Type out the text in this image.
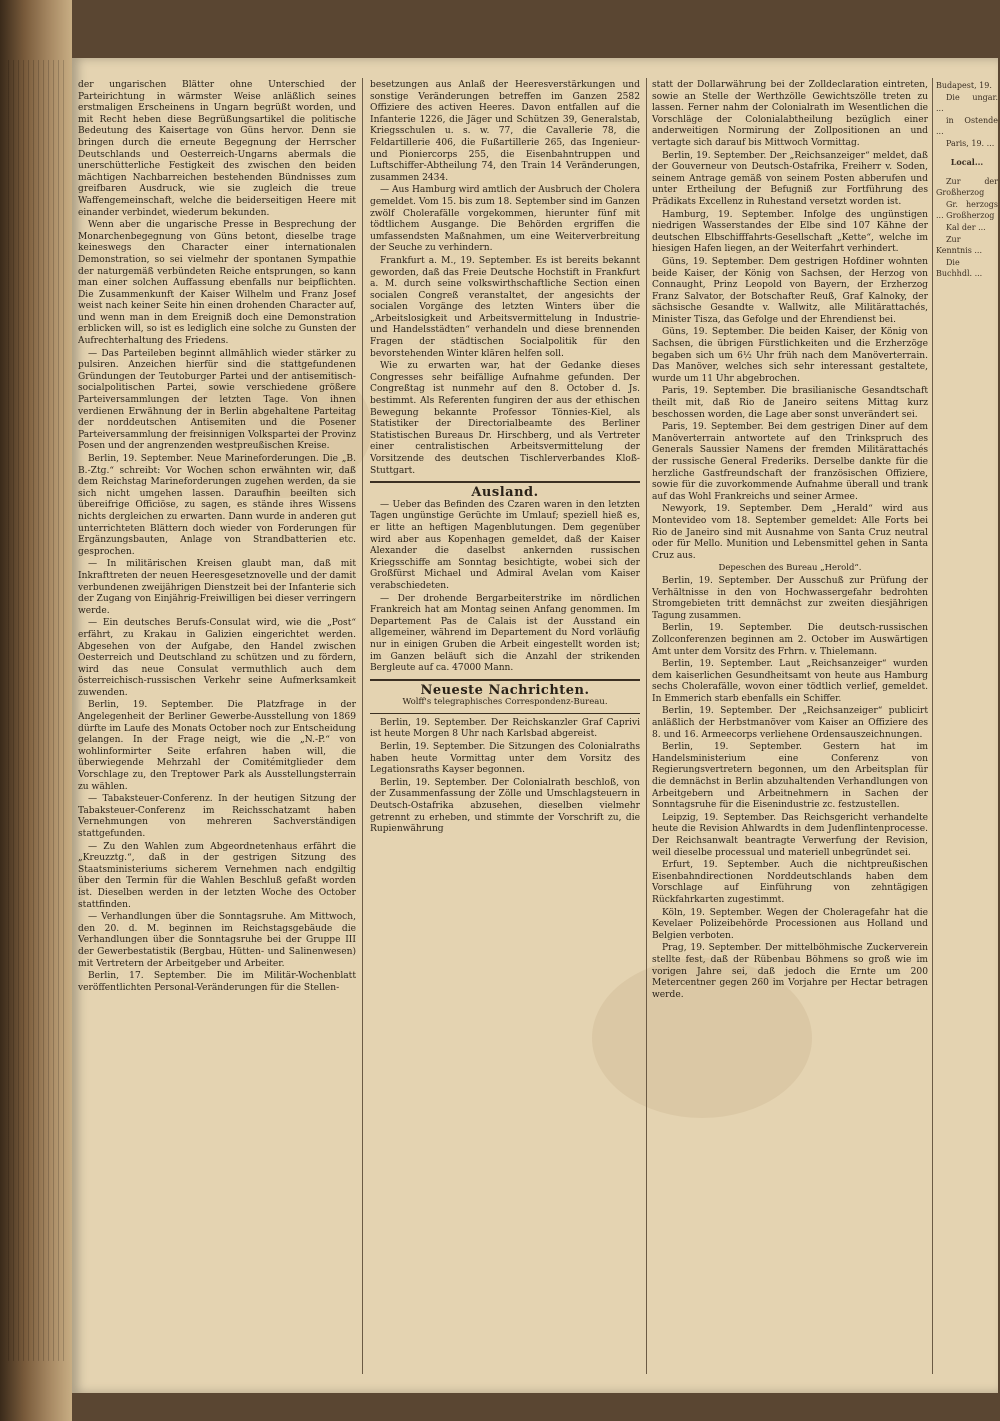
der ungarischen Blätter ohne Unterschied der Parteirichtung in wärmster Weise anläßlich seines erstmaligen Erscheinens in Ungarn begrüßt worden, und mit Recht heben diese Begrüßungsartikel die politische Bedeutung des Kaisertage von Güns hervor. Denn sie bringen durch die erneute Begegnung der Herrscher Deutschlands und Oesterreich-Ungarns abermals die unerschütterliche Festigkeit des zwischen den beiden mächtigen Nachbarreichen bestehenden Bündnisses zum greifbaren Ausdruck, wie sie zugleich die treue Waffengemeinschaft, welche die beiderseitigen Heere mit einander verbindet, wiederum bekunden.

Wenn aber die ungarische Presse in Besprechung der Monarchenbegegnung von Güns betont, dieselbe trage keineswegs den Character einer internationalen Demonstration, so sei vielmehr der spontanen Sympathie der naturgemäß verbündeten Reiche entsprungen, so kann man einer solchen Auffassung ebenfalls nur beipflichten. Die Zusammenkunft der Kaiser Wilhelm und Franz Josef weist nach keiner Seite hin einen drohenden Character auf, und wenn man in dem Ereigniß doch eine Demonstration erblicken will, so ist es lediglich eine solche zu Gunsten der Aufrechterhaltung des Friedens.

— Das Parteileben beginnt allmählich wieder stärker zu pulsiren. Anzeichen hierfür sind die stattgefundenen Gründungen der Teutoburger Partei und der antisemitisch-socialpolitischen Partei, sowie verschiedene größere Parteiversammlungen der letzten Tage. Von ihnen verdienen Erwähnung der in Berlin abgehaltene Parteitag der norddeutschen Antisemiten und die Posener Parteiversammlung der freisinnigen Volkspartei der Provinz Posen und der angrenzenden westpreußischen Kreise.

Berlin, 19. September. Neue Marineforderungen. Die „B. B.-Ztg.“ schreibt: Vor Wochen schon erwähnten wir, daß dem Reichstag Marineforderungen zugehen werden, da sie sich nicht umgehen lassen. Daraufhin beeilten sich übereifrige Officiöse, zu sagen, es stände ihres Wissens nichts dergleichen zu erwarten. Dann wurde in anderen gut unterrichteten Blättern doch wieder von Forderungen für Ergänzungsbauten, Anlage von Strandbatterien etc. gesprochen.

— In militärischen Kreisen glaubt man, daß mit Inkrafttreten der neuen Heeresgesetznovelle und der damit verbundenen zweijährigen Dienstzeit bei der Infanterie sich der Zugang von Einjährig-Freiwilligen bei dieser verringern werde.

— Ein deutsches Berufs-Consulat wird, wie die „Post“ erfährt, zu Krakau in Galizien eingerichtet werden. Abgesehen von der Aufgabe, den Handel zwischen Oesterreich und Deutschland zu schützen und zu fördern, wird das neue Consulat vermuthlich auch dem österreichisch-russischen Verkehr seine Aufmerksamkeit zuwenden.

Berlin, 19. September. Die Platzfrage in der Angelegenheit der Berliner Gewerbe-Ausstellung von 1869 dürfte im Laufe des Monats October noch zur Entscheidung gelangen. In der Frage neigt, wie die „N.-P.“ von wohlinformirter Seite erfahren haben will, die überwiegende Mehrzahl der Comitémitglieder dem Vorschlage zu, den Treptower Park als Ausstellungsterrain zu wählen.

— Tabaksteuer-Conferenz. In der heutigen Sitzung der Tabaksteuer-Conferenz im Reichsschatzamt haben Vernehmungen von mehreren Sachverständigen stattgefunden.

— Zu den Wahlen zum Abgeordnetenhaus erfährt die „Kreuzztg.“, daß in der gestrigen Sitzung des Staatsministeriums sicherem Vernehmen nach endgiltig über den Termin für die Wahlen Beschluß gefaßt worden ist. Dieselben werden in der letzten Woche des October stattfinden.

— Verhandlungen über die Sonntagsruhe. Am Mittwoch, den 20. d. M. beginnen im Reichstagsgebäude die Verhandlungen über die Sonntagsruhe bei der Gruppe III der Gewerbestatistik (Bergbau, Hütten- und Salinenwesen) mit Vertretern der Arbeitgeber und Arbeiter.

Berlin, 17. September. Die im Militär-Wochenblatt veröffentlichten Personal-Veränderungen für die Stellen-

besetzungen aus Anlaß der Heeresverstärkungen und sonstige Veränderungen betreffen im Ganzen 2582 Offiziere des activen Heeres. Davon entfallen auf die Infanterie 1226, die Jäger und Schützen 39, Generalstab, Kriegsschulen u. s. w. 77, die Cavallerie 78, die Feldartillerie 406, die Fußartillerie 265, das Ingenieur- und Pioniercorps 255, die Eisenbahntruppen und Luftschiffer-Abtheilung 74, den Train 14 Veränderungen, zusammen 2434.

— Aus Hamburg wird amtlich der Ausbruch der Cholera gemeldet. Vom 15. bis zum 18. September sind im Ganzen zwölf Cholerafälle vorgekommen, hierunter fünf mit tödtlichem Ausgange. Die Behörden ergriffen die umfassendsten Maßnahmen, um eine Weiterverbreitung der Seuche zu verhindern.

Frankfurt a. M., 19. September. Es ist bereits bekannt geworden, daß das Freie Deutsche Hochstift in Frankfurt a. M. durch seine volkswirthschaftliche Section einen socialen Congreß veranstaltet, der angesichts der socialen Vorgänge des letzten Winters über die „Arbeitslosigkeit und Arbeitsvermittelung in Industrie- und Handelsstädten“ verhandeln und diese brennenden Fragen der städtischen Socialpolitik für den bevorstehenden Winter klären helfen soll.

Wie zu erwarten war, hat der Gedanke dieses Congresses sehr beifällige Aufnahme gefunden. Der Congreßtag ist nunmehr auf den 8. October d. Js. bestimmt. Als Referenten fungiren der aus der ethischen Bewegung bekannte Professor Tönnies-Kiel, als Statistiker der Directorialbeamte des Berliner Statistischen Bureaus Dr. Hirschberg, und als Vertreter einer centralistischen Arbeitsvermittelung der Vorsitzende des deutschen Tischlerverbandes Kloß-Stuttgart.

Ausland.

— Ueber das Befinden des Czaren waren in den letzten Tagen ungünstige Gerüchte im Umlauf; speziell hieß es, er litte an heftigen Magenblutungen. Dem gegenüber wird aber aus Kopenhagen gemeldet, daß der Kaiser Alexander die daselbst ankernden russischen Kriegsschiffe am Sonntag besichtigte, wobei sich der Großfürst Michael und Admiral Avelan vom Kaiser verabschiedeten.

— Der drohende Bergarbeiterstrike im nördlichen Frankreich hat am Montag seinen Anfang genommen. Im Departement Pas de Calais ist der Ausstand ein allgemeiner, während im Departement du Nord vorläufig nur in einigen Gruben die Arbeit eingestellt worden ist; im Ganzen beläuft sich die Anzahl der strikenden Bergleute auf ca. 47000 Mann.

Neueste Nachrichten.

Wolff's telegraphisches Correspondenz-Bureau.

Berlin, 19. September. Der Reichskanzler Graf Caprivi ist heute Morgen 8 Uhr nach Karlsbad abgereist.

Berlin, 19. September. Die Sitzungen des Colonialraths haben heute Vormittag unter dem Vorsitz des Legationsraths Kayser begonnen.

Berlin, 19. September. Der Colonialrath beschloß, von der Zusammenfassung der Zölle und Umschlagsteuern in Deutsch-Ostafrika abzusehen, dieselben vielmehr getrennt zu erheben, und stimmte der Vorschrift zu, die Rupienwährung

statt der Dollarwährung bei der Zolldeclaration eintreten, sowie an Stelle der Werthzölle Gewichtszölle treten zu lassen. Ferner nahm der Colonialrath im Wesentlichen die Vorschläge der Colonialabtheilung bezüglich einer anderweitigen Normirung der Zollpositionen an und vertagte sich darauf bis Mittwoch Vormittag.

Berlin, 19. September. Der „Reichsanzeiger“ meldet, daß der Gouverneur von Deutsch-Ostafrika, Freiherr v. Soden, seinem Antrage gemäß von seinem Posten abberufen und unter Ertheilung der Befugniß zur Fortführung des Prädikats Excellenz in Ruhestand versetzt worden ist.

Hamburg, 19. September. Infolge des ungünstigen niedrigen Wasserstandes der Elbe sind 107 Kähne der deutschen Elbschifffahrts-Gesellschaft „Kette“, welche im hiesigen Hafen liegen, an der Weiterfahrt verhindert.

Güns, 19. September. Dem gestrigen Hofdiner wohnten beide Kaiser, der König von Sachsen, der Herzog von Connaught, Prinz Leopold von Bayern, der Erzherzog Franz Salvator, der Botschafter Reuß, Graf Kalnoky, der sächsische Gesandte v. Wallwitz, alle Militärattachés, Minister Tisza, das Gefolge und der Ehrendienst bei.

Güns, 19. September. Die beiden Kaiser, der König von Sachsen, die übrigen Fürstlichkeiten und die Erzherzöge begaben sich um 6½ Uhr früh nach dem Manöverterrain. Das Manöver, welches sich sehr interessant gestaltete, wurde um 11 Uhr abgebrochen.

Paris, 19. September. Die brasilianische Gesandtschaft theilt mit, daß Rio de Janeiro seitens Mittag kurz beschossen worden, die Lage aber sonst unverändert sei.

Paris, 19. September. Bei dem gestrigen Diner auf dem Manöverterrain antwortete auf den Trinkspruch des Generals Saussier Namens der fremden Militärattachés der russische General Frederiks. Derselbe dankte für die herzliche Gastfreundschaft der französischen Offiziere, sowie für die zuvorkommende Aufnahme überall und trank auf das Wohl Frankreichs und seiner Armee.

Newyork, 19. September. Dem „Herald“ wird aus Montevideo vom 18. September gemeldet: Alle Forts bei Rio de Janeiro sind mit Ausnahme von Santa Cruz neutral oder für Mello. Munition und Lebensmittel gehen in Santa Cruz aus.

Depeschen des Bureau „Herold“.

Berlin, 19. September. Der Ausschuß zur Prüfung der Verhältnisse in den von Hochwassergefahr bedrohten Stromgebieten tritt demnächst zur zweiten diesjährigen Tagung zusammen.

Berlin, 19. September. Die deutsch-russischen Zollconferenzen beginnen am 2. October im Auswärtigen Amt unter dem Vorsitz des Frhrn. v. Thielemann.

Berlin, 19. September. Laut „Reichsanzeiger“ wurden dem kaiserlichen Gesundheitsamt von heute aus Hamburg sechs Cholerafälle, wovon einer tödtlich verlief, gemeldet. In Emmerich starb ebenfalls ein Schiffer.

Berlin, 19. September. Der „Reichsanzeiger“ publicirt anläßlich der Herbstmanöver vom Kaiser an Offiziere des 8. und 16. Armeecorps verliehene Ordensauszeichnungen.

Berlin, 19. September. Gestern hat im Handelsministerium eine Conferenz von Regierungsvertretern begonnen, um den Arbeitsplan für die demnächst in Berlin abzuhaltenden Verhandlungen von Arbeitgebern und Arbeitnehmern in Sachen der Sonntagsruhe für die Eisenindustrie zc. festzustellen.

Leipzig, 19. September. Das Reichsgericht verhandelte heute die Revision Ahlwardts in dem Judenflintenprocesse. Der Reichsanwalt beantragte Verwerfung der Revision, weil dieselbe processual und materiell unbegründet sei.

Erfurt, 19. September. Auch die nichtpreußischen Eisenbahndirectionen Norddeutschlands haben dem Vorschlage auf Einführung von zehntägigen Rückfahrkarten zugestimmt.

Köln, 19. September. Wegen der Choleragefahr hat die Kevelaer Polizeibehörde Processionen aus Holland und Belgien verboten.

Prag, 19. September. Der mittelböhmische Zuckerverein stellte fest, daß der Rübenbau Böhmens so groß wie im vorigen Jahre sei, daß jedoch die Ernte um 200 Metercentner gegen 260 im Vorjahre per Hectar betragen werde.

Budapest, 19.

Die ungar. ...

in Ostende ...

Paris, 19. ...

Local...

Zur der Großherzog

Gr. herzogs ... Großherzog

Kal der ...

Zur Kenntnis ...

Die Buchhdl. ...
